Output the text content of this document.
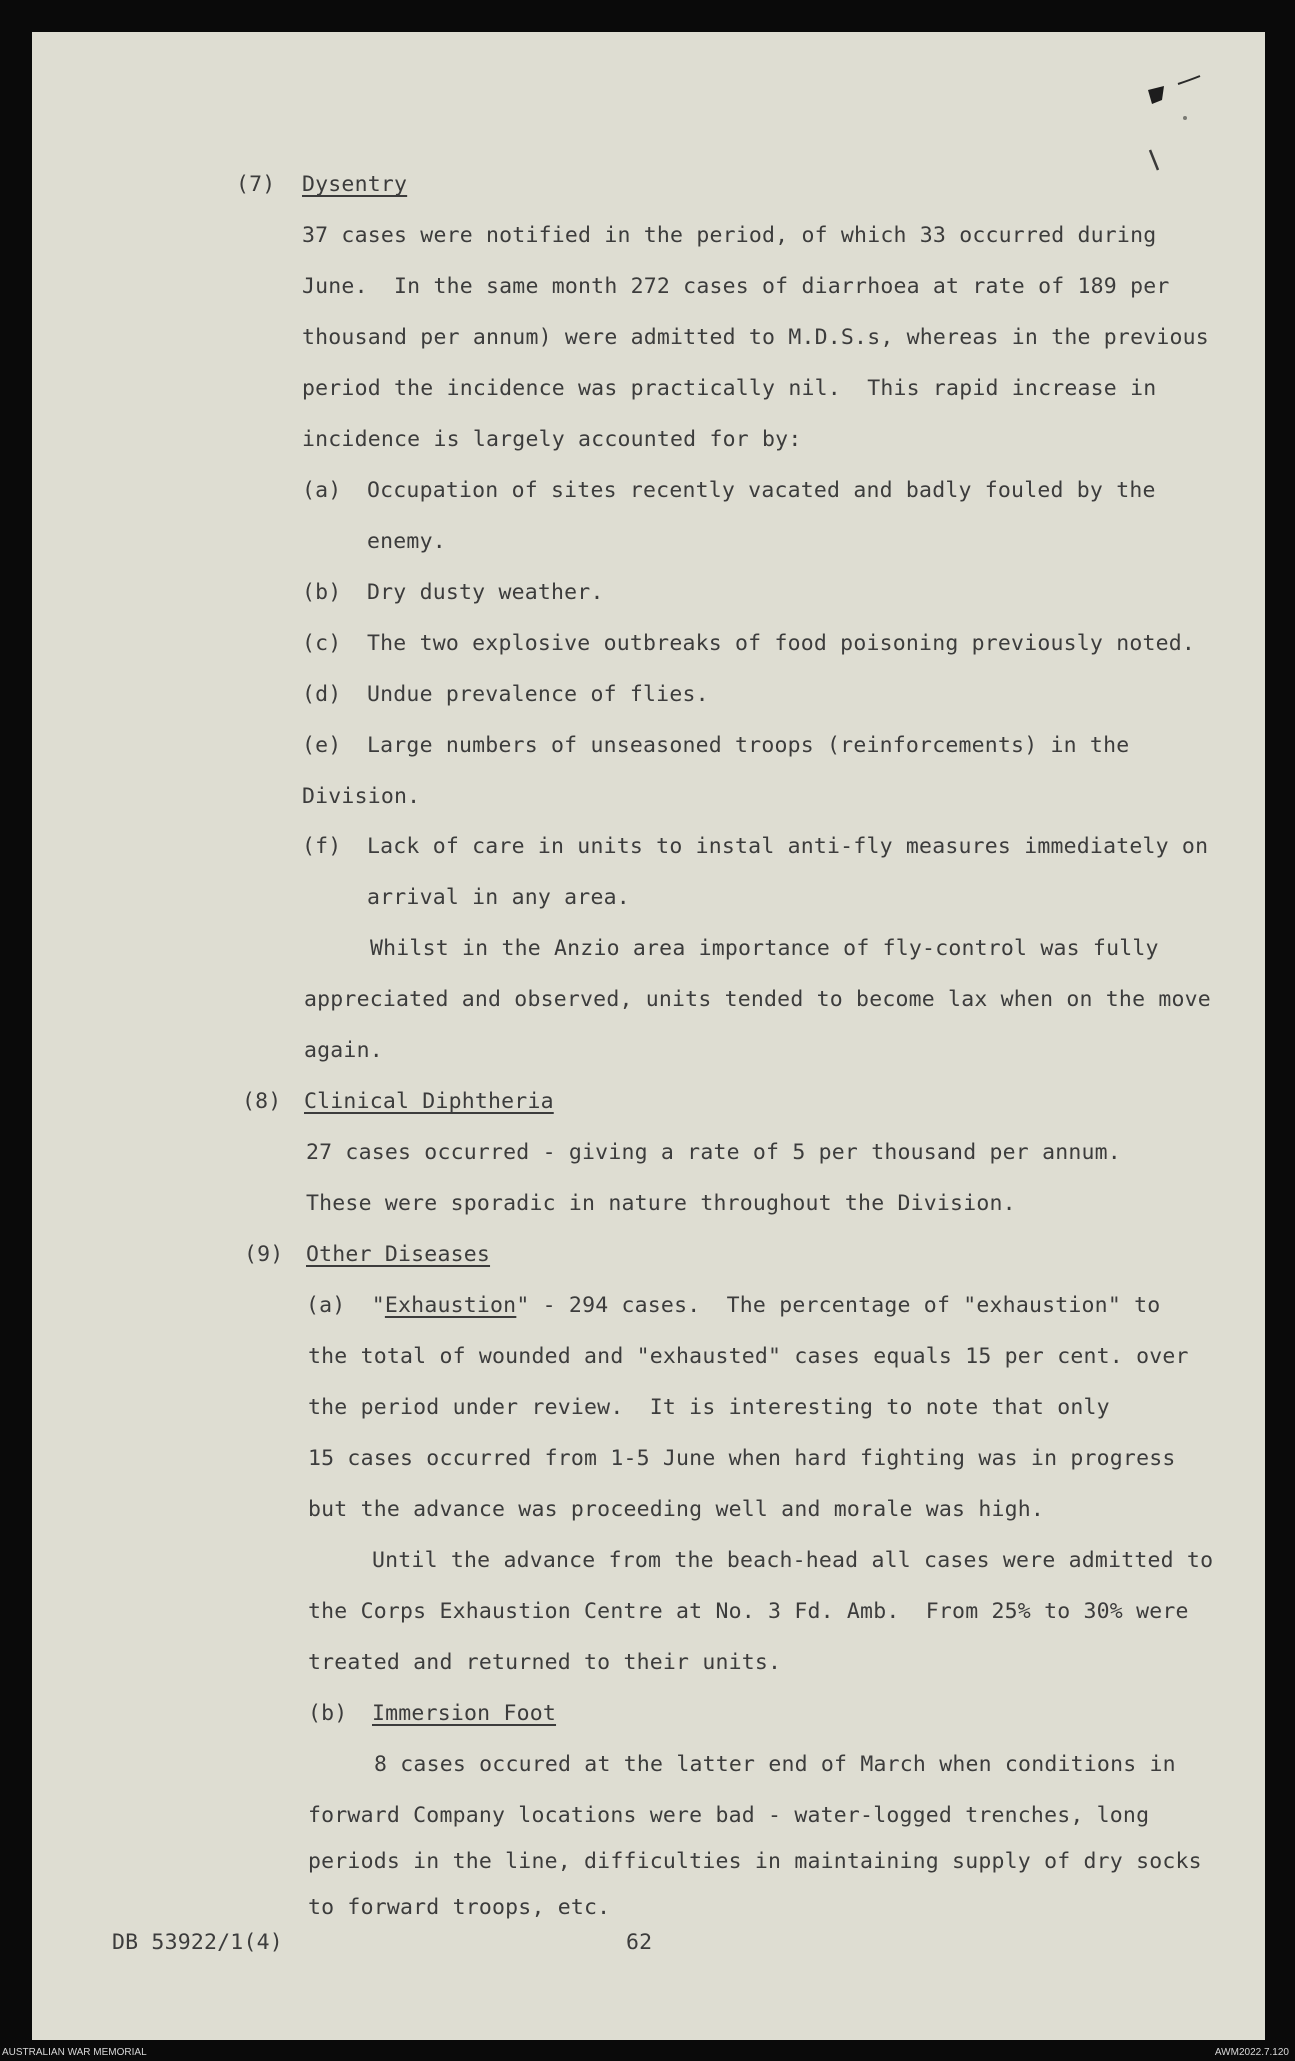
(7) Dysentry
37 cases were notified in the period, of which 33 occurred during
June.  In the same month 272 cases of diarrhoea at rate of 189 per
thousand per annum) were admitted to M.D.S.s, whereas in the previous
period the incidence was practically nil.  This rapid increase in
incidence is largely accounted for by:
(a) Occupation of sites recently vacated and badly fouled by the
enemy.
(b) Dry dusty weather.
(c) The two explosive outbreaks of food poisoning previously noted.
(d) Undue prevalence of flies.
(e) Large numbers of unseasoned troops (reinforcements) in the
Division.
(f) Lack of care in units to instal anti-fly measures immediately on
arrival in any area.
Whilst in the Anzio area importance of fly-control was fully
appreciated and observed, units tended to become lax when on the move
again.
(8) Clinical Diphtheria
27 cases occurred - giving a rate of 5 per thousand per annum.
These were sporadic in nature throughout the Division.
(9) Other Diseases
(a) "Exhaustion" - 294 cases.  The percentage of "exhaustion" to
the total of wounded and "exhausted" cases equals 15 per cent. over
the period under review.  It is interesting to note that only
15 cases occurred from 1-5 June when hard fighting was in progress
but the advance was proceeding well and morale was high.
Until the advance from the beach-head all cases were admitted to
the Corps Exhaustion Centre at No. 3 Fd. Amb.  From 25% to 30% were
treated and returned to their units.
(b) Immersion Foot
8 cases occured at the latter end of March when conditions in
forward Company locations were bad - water-logged trenches, long
periods in the line, difficulties in maintaining supply of dry socks
to forward troops, etc.
DB 53922/1(4)	62
AUSTRALIAN WAR MEMORIAL	AWM2022.7.120
